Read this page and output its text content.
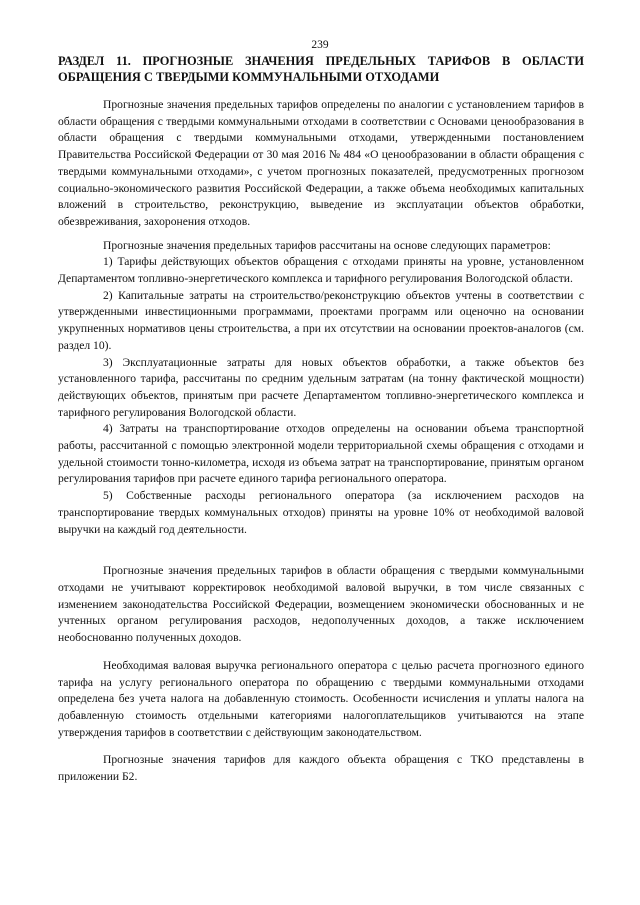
239
РАЗДЕЛ 11. ПРОГНОЗНЫЕ ЗНАЧЕНИЯ ПРЕДЕЛЬНЫХ ТАРИФОВ В ОБЛАСТИ ОБРАЩЕНИЯ С ТВЕРДЫМИ КОММУНАЛЬНЫМИ ОТХОДАМИ

Прогнозные значения предельных тарифов определены по аналогии с установлением тарифов в области обращения с твердыми коммунальными отходами в соответствии с Основами ценообразования в области обращения с твердыми коммунальными отходами, утвержденными постановлением Правительства Российской Федерации от 30 мая 2016 № 484 «О ценообразовании в области обращения с твердыми коммунальными отходами», с учетом прогнозных показателей, предусмотренных прогнозом социально-экономического развития Российской Федерации, а также объема необходимых капитальных вложений в строительство, реконструкцию, выведение из эксплуатации объектов обработки, обезвреживания, захоронения отходов.

Прогнозные значения предельных тарифов рассчитаны на основе следующих параметров:

1) Тарифы действующих объектов обращения с отходами приняты на уровне, установленном Департаментом топливно-энергетического комплекса и тарифного регулирования Вологодской области.

2) Капитальные затраты на строительство/реконструкцию объектов учтены в соответствии с утвержденными инвестиционными программами, проектами программ или оценочно на основании укрупненных нормативов цены строительства, а при их отсутствии на основании проектов-аналогов (см. раздел 10).

3) Эксплуатационные затраты для новых объектов обработки, а также объектов без установленного тарифа, рассчитаны по средним удельным затратам (на тонну фактической мощности) действующих объектов, принятым при расчете Департаментом топливно-энергетического комплекса и тарифного регулирования Вологодской области.

4) Затраты на транспортирование отходов определены на основании объема транспортной работы, рассчитанной с помощью электронной модели территориальной схемы обращения с отходами и удельной стоимости тонно-километра, исходя из объема затрат на транспортирование, принятым органом регулирования тарифов при расчете единого тарифа регионального оператора.

5) Собственные расходы регионального оператора (за исключением расходов на транспортирование твердых коммунальных отходов) приняты на уровне 10% от необходимой валовой выручки на каждый год деятельности.

Прогнозные значения предельных тарифов в области обращения с твердыми коммунальными отходами не учитывают корректировок необходимой валовой выручки, в том числе связанных с изменением законодательства Российской Федерации, возмещением экономически обоснованных и не учтенных органом регулирования расходов, недополученных доходов, а также исключением необоснованно полученных доходов.

Необходимая валовая выручка регионального оператора с целью расчета прогнозного единого тарифа на услугу регионального оператора по обращению с твердыми коммунальными отходами определена без учета налога на добавленную стоимость. Особенности исчисления и уплаты налога на добавленную стоимость отдельными категориями налогоплательщиков учитываются на этапе утверждения тарифов в соответствии с действующим законодательством.

Прогнозные значения тарифов для каждого объекта обращения с ТКО представлены в приложении Б2.
